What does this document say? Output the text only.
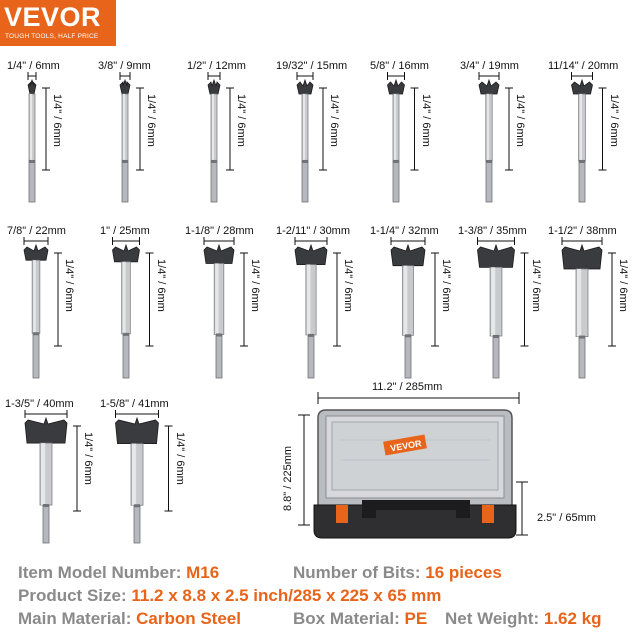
VEVOR
TOUGH TOOLS, HALF PRICE
1/4" / 6mm
1/4" / 6mm
3/8" / 9mm
1/4" / 6mm
1/2" / 12mm
1/4" / 6mm
19/32" / 15mm
1/4" / 6mm
5/8" / 16mm
1/4" / 6mm
3/4" / 19mm
1/4" / 6mm
11/14" / 20mm
1/4" / 6mm
7/8" / 22mm
1/4" / 6mm
1" / 25mm
1/4" / 6mm
1-1/8" / 28mm
1/4" / 6mm
1-2/11" / 30mm
1/4" / 6mm
1-1/4" / 32mm
1/4" / 6mm
1-3/8" / 35mm
1/4" / 6mm
1-1/2" / 38mm
1/4" / 6mm
1-3/5" / 40mm
1/4" / 6mm
1-5/8" / 41mm
1/4" / 6mm	VEVOR
11.2" / 285mm
8.8" / 225mm
2.5" / 65mm
Item Model Number: M16	Number of Bits: 16 pieces
Product Size: 11.2 x 8.8 x 2.5 inch/285 x 225 x 65 mm
Main Material: Carbon Steel	Box Material: PE Net Weight: 1.62 kg
